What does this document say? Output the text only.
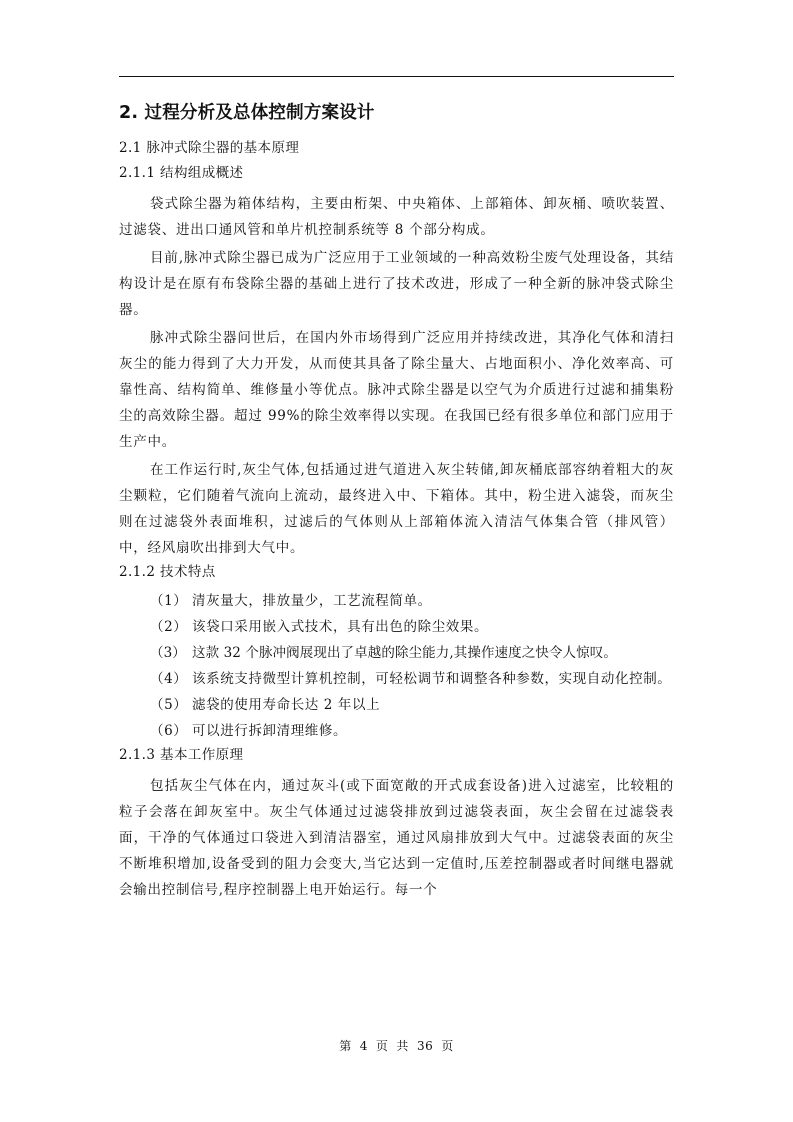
2. 过程分析及总体控制方案设计

2.1 脉冲式除尘器的基本原理

2.1.1 结构组成概述

袋式除尘器为箱体结构，主要由桁架、中央箱体、上部箱体、卸灰桶、喷吹装置、过滤袋、进出口通风管和单片机控制系统等 8 个部分构成。

目前,脉冲式除尘器已成为广泛应用于工业领域的一种高效粉尘废气处理设备，其结构设计是在原有布袋除尘器的基础上进行了技术改进，形成了一种全新的脉冲袋式除尘器。

脉冲式除尘器问世后，在国内外市场得到广泛应用并持续改进，其净化气体和清扫灰尘的能力得到了大力开发，从而使其具备了除尘量大、占地面积小、净化效率高、可靠性高、结构简单、维修量小等优点。脉冲式除尘器是以空气为介质进行过滤和捕集粉尘的高效除尘器。超过 99%的除尘效率得以实现。在我国已经有很多单位和部门应用于生产中。

在工作运行时,灰尘气体,包括通过进气道进入灰尘转储,卸灰桶底部容纳着粗大的灰尘颗粒，它们随着气流向上流动，最终进入中、下箱体。其中，粉尘进入滤袋，而灰尘则在过滤袋外表面堆积，过滤后的气体则从上部箱体流入清洁气体集合管（排风管）中，经风扇吹出排到大气中。

2.1.2 技术特点

（1） 清灰量大，排放量少，工艺流程简单。
（2） 该袋口采用嵌入式技术，具有出色的除尘效果。
（3） 这款 32 个脉冲阀展现出了卓越的除尘能力,其操作速度之快令人惊叹。
（4） 该系统支持微型计算机控制，可轻松调节和调整各种参数，实现自动化控制。
（5） 滤袋的使用寿命长达 2 年以上
（6） 可以进行拆卸清理维修。

2.1.3 基本工作原理

包括灰尘气体在内，通过灰斗(或下面宽敞的开式成套设备)进入过滤室，比较粗的粒子会落在卸灰室中。灰尘气体通过过滤袋排放到过滤袋表面，灰尘会留在过滤袋表面，干净的气体通过口袋进入到清洁器室，通过风扇排放到大气中。过滤袋表面的灰尘不断堆积增加,设备受到的阻力会变大,当它达到一定值时,压差控制器或者时间继电器就会输出控制信号,程序控制器上电开始运行。每一个

第 4 页 共 36 页
